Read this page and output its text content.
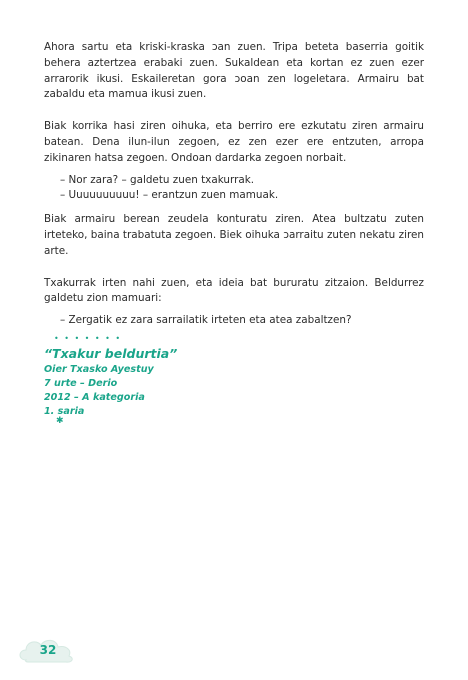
Ahora sartu eta kriski-kraska ɔan zuen. Tripa beteta baserria goitik behera aztertzea erabaki zuen. Sukaldean eta kortan ez zuen ezer arrarorik ikusi. Eskaileretan gora ɔoan zen logeletara. Armairu bat zabaldu eta mamua ikusi zuen.

Biak korrika hasi ziren oihuka, eta berriro ere ezkutatu ziren armairu batean. Dena ilun-ilun zegoen, ez zen ezer ere entzuten, arropa zikinaren hatsa zegoen. Ondoan dardarka zegoen norbait.

– Nor zara? – galdetu zuen txakurrak.
– Uuuuuuuuuu! – erantzun zuen mamuak.

Biak armairu berean zeudela konturatu ziren. Atea bultzatu zuten irteteko, baina trabatuta zegoen. Biek oihuka ɔarraitu zuten nekatu ziren arte.

Txakurrak irten nahi zuen, eta ideia bat bururatu zitzaion. Beldurrez galdetu zion mamuari:

– Zergatik ez zara sarrailatik irteten eta atea zabaltzen?
•••••••
“Txakur beldurtia”
Oier Txasko Ayestuy
7 urte – Derio
2012 – A kategoria
1. saria
✱
32
